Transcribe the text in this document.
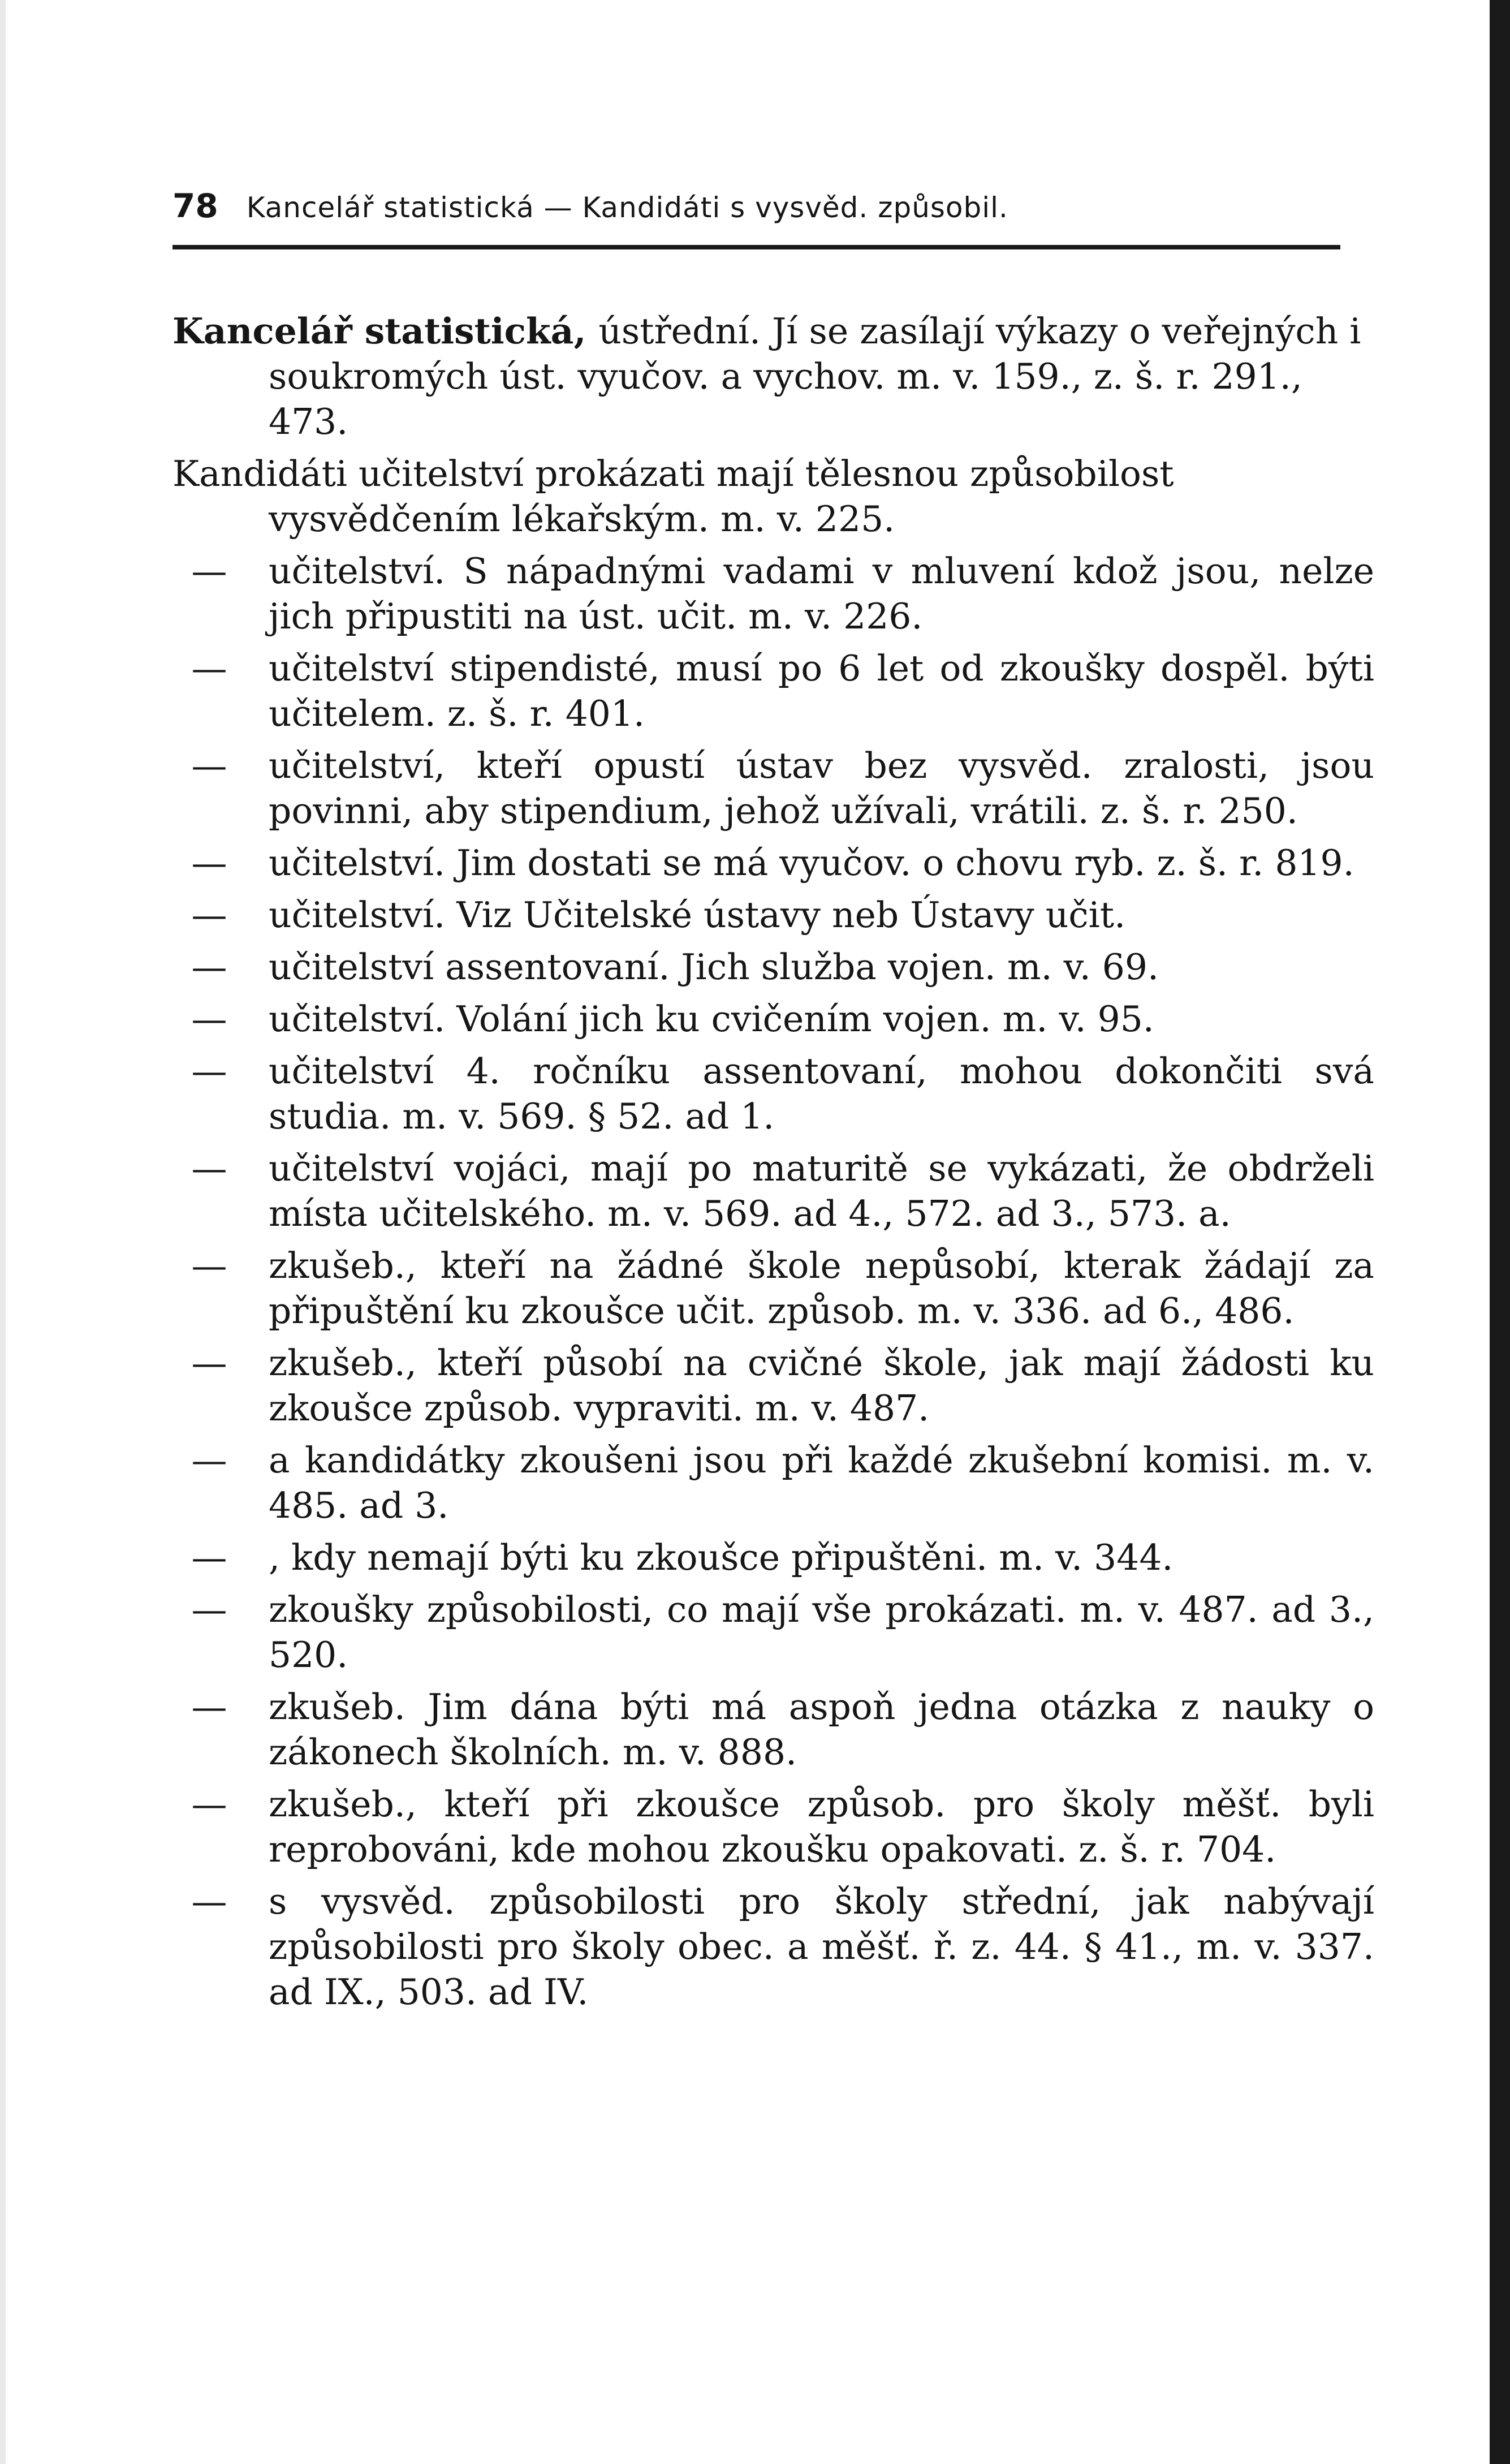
78 Kancelář statistická — Kandidáti s vysvěd. způsobil.
Kancelář statistická, ústřední. Jí se zasílají výkazy o veřejných i soukromých úst. vyučov. a vychov. m. v. 159., z. š. r. 291., 473.
Kandidáti učitelství prokázati mají tělesnou způsobilost vysvědčením lékařským. m. v. 225.
—	učitelství. S nápadnými vadami v mluvení kdož jsou, nelze jich připustiti na úst. učit. m. v. 226.
—	učitelství stipendisté, musí po 6 let od zkoušky dospěl. býti učitelem. z. š. r. 401.
—	učitelství, kteří opustí ústav bez vysvěd. zralosti, jsou povinni, aby stipendium, jehož užívali, vrátili. z. š. r. 250.
—	učitelství. Jim dostati se má vyučov. o chovu ryb. z. š. r. 819.
—	učitelství. Viz Učitelské ústavy neb Ústavy učit.
—	učitelství assentovaní. Jich služba vojen. m. v. 69.
—	učitelství. Volání jich ku cvičením vojen. m. v. 95.
—	učitelství 4. ročníku assentovaní, mohou dokončiti svá studia. m. v. 569. § 52. ad 1.
—	učitelství vojáci, mají po maturitě se vykázati, že obdrželi místa učitelského. m. v. 569. ad 4., 572. ad 3., 573. a.
—	zkušeb., kteří na žádné škole nepůsobí, kterak žádají za připuštění ku zkoušce učit. způsob. m. v. 336. ad 6., 486.
—	zkušeb., kteří působí na cvičné škole, jak mají žádosti ku zkoušce způsob. vypraviti. m. v. 487.
—	a kandidátky zkoušeni jsou při každé zkušební komisi. m. v. 485. ad 3.
—	, kdy nemají býti ku zkoušce připuštěni. m. v. 344.
—	zkoušky způsobilosti, co mají vše prokázati. m. v. 487. ad 3., 520.
—	zkušeb. Jim dána býti má aspoň jedna otázka z nauky o zákonech školních. m. v. 888.
—	zkušeb., kteří při zkoušce způsob. pro školy měšť. byli reprobováni, kde mohou zkoušku opakovati. z. š. r. 704.
—	s vysvěd. způsobilosti pro školy střední, jak nabývají způsobilosti pro školy obec. a měšť. ř. z. 44. § 41., m. v. 337. ad IX., 503. ad IV.
